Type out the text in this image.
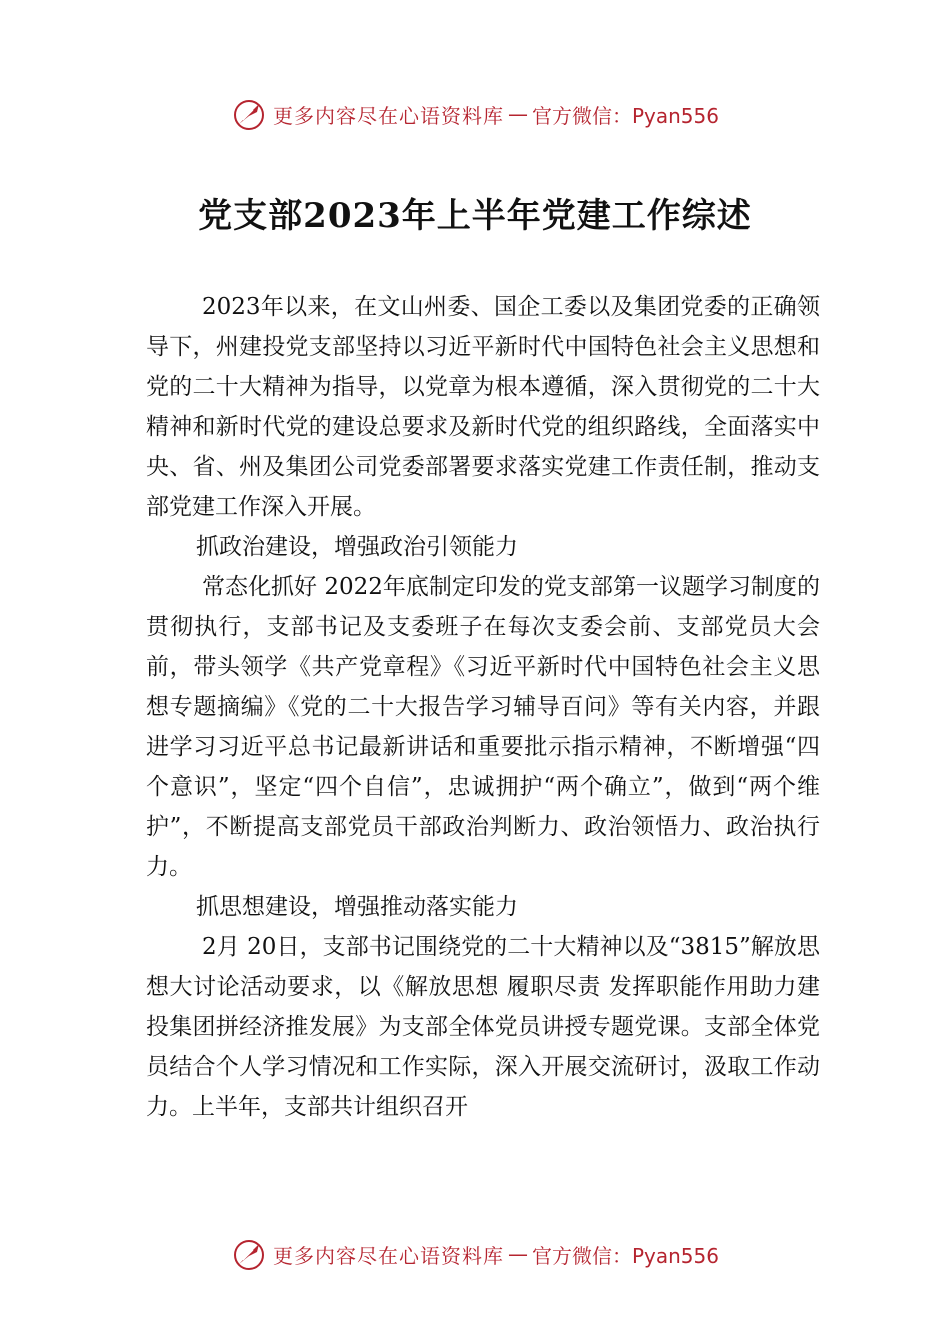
更多内容尽在心语资料库 — 官方微信：Pyan556
党支部2023年上半年党建工作综述

2023年以来，在文山州委、国企工委以及集团党委的正确领导下，州建投党支部坚持以习近平新时代中国特色社会主义思想和党的二十大精神为指导，以党章为根本遵循，深入贯彻党的二十大精神和新时代党的建设总要求及新时代党的组织路线，全面落实中央、省、州及集团公司党委部署要求落实党建工作责任制，推动支部党建工作深入开展。

抓政治建设，增强政治引领能力

常态化抓好 2022年底制定印发的党支部第一议题学习制度的贯彻执行，支部书记及支委班子在每次支委会前、支部党员大会前，带头领学《共产党章程》《习近平新时代中国特色社会主义思想专题摘编》《党的二十大报告学习辅导百问》等有关内容，并跟进学习习近平总书记最新讲话和重要批示指示精神，不断增强“四个意识”，坚定“四个自信”，忠诚拥护“两个确立”，做到“两个维护”，不断提高支部党员干部政治判断力、政治领悟力、政治执行力。

抓思想建设，增强推动落实能力

2月 20日，支部书记围绕党的二十大精神以及“3815”解放思想大讨论活动要求，以《解放思想 履职尽责 发挥职能作用助力建投集团拼经济推发展》为支部全体党员讲授专题党课。支部全体党员结合个人学习情况和工作实际，深入开展交流研讨，汲取工作动力。上半年，支部共计组织召开

更多内容尽在心语资料库 — 官方微信：Pyan556
